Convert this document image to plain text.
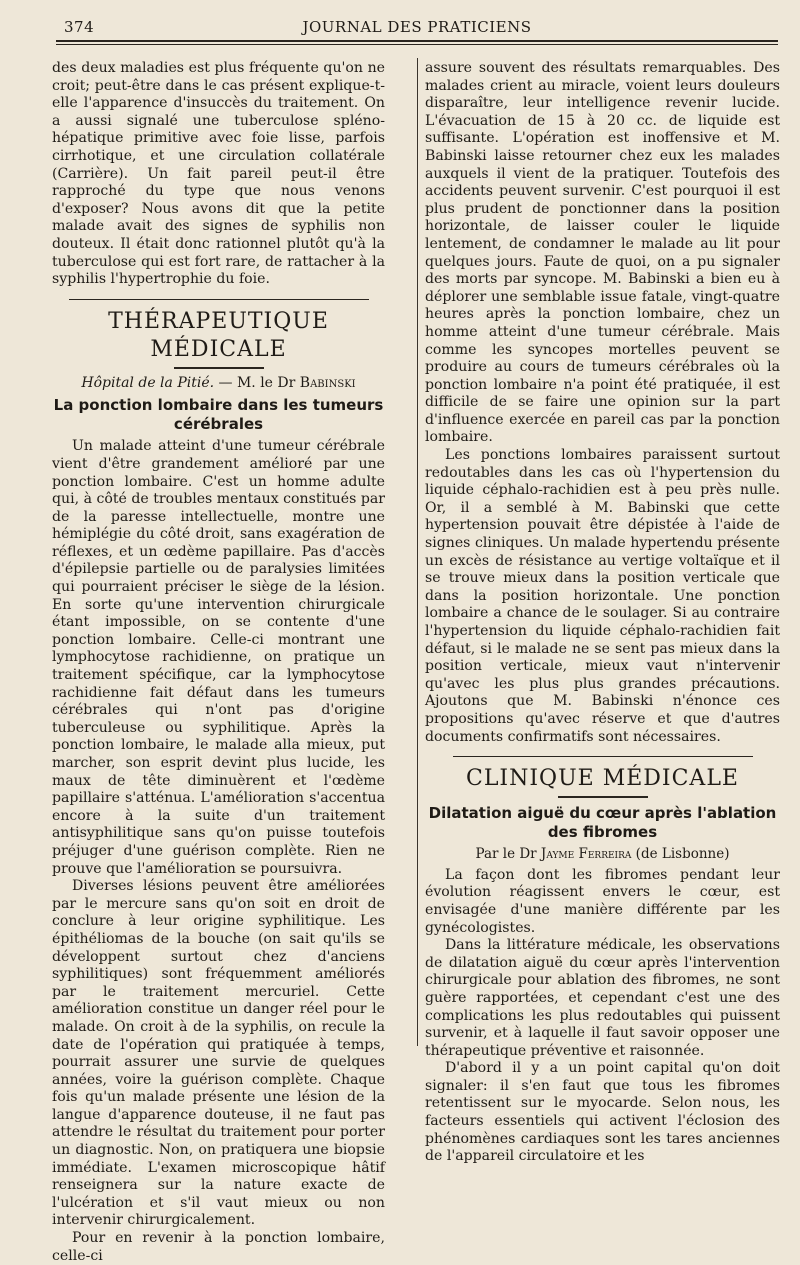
374	JOURNAL DES PRATICIENS

des deux maladies est plus fréquente qu'on ne croit; peut-être dans le cas présent explique-t-elle l'apparence d'insuccès du traitement. On a aussi signalé une tuberculose spléno-hépatique primitive avec foie lisse, parfois cirrhotique, et une circulation collatérale (Carrière). Un fait pareil peut-il être rapproché du type que nous venons d'exposer? Nous avons dit que la petite malade avait des signes de syphilis non douteux. Il était donc rationnel plutôt qu'à la tuberculose qui est fort rare, de rattacher à la syphilis l'hypertrophie du foie.

THÉRAPEUTIQUE MÉDICALE
Hôpital de la Pitié. — M. le Dr Babinski
La ponction lombaire dans les tumeurs cérébrales

Un malade atteint d'une tumeur cérébrale vient d'être grandement amélioré par une ponction lombaire. C'est un homme adulte qui, à côté de troubles mentaux constitués par de la paresse intellectuelle, montre une hémiplégie du côté droit, sans exagération de réflexes, et un œdème papillaire. Pas d'accès d'épilepsie partielle ou de paralysies limitées qui pourraient préciser le siège de la lésion. En sorte qu'une intervention chirurgicale étant impossible, on se contente d'une ponction lombaire. Celle-ci montrant une lymphocytose rachidienne, on pratique un traitement spécifique, car la lymphocytose rachidienne fait défaut dans les tumeurs cérébrales qui n'ont pas d'origine tuberculeuse ou syphilitique. Après la ponction lombaire, le malade alla mieux, put marcher, son esprit devint plus lucide, les maux de tête diminuèrent et l'œdème papillaire s'atténua. L'amélioration s'accentua encore à la suite d'un traitement antisyphilitique sans qu'on puisse toutefois préjuger d'une guérison complète. Rien ne prouve que l'amélioration se poursuivra.

Diverses lésions peuvent être améliorées par le mercure sans qu'on soit en droit de conclure à leur origine syphilitique. Les épithéliomas de la bouche (on sait qu'ils se développent surtout chez d'anciens syphilitiques) sont fréquemment améliorés par le traitement mercuriel. Cette amélioration constitue un danger réel pour le malade. On croit à de la syphilis, on recule la date de l'opération qui pratiquée à temps, pourrait assurer une survie de quelques années, voire la guérison complète. Chaque fois qu'un malade présente une lésion de la langue d'apparence douteuse, il ne faut pas attendre le résultat du traitement pour porter un diagnostic. Non, on pratiquera une biopsie immédiate. L'examen microscopique hâtif renseignera sur la nature exacte de l'ulcération et s'il vaut mieux ou non intervenir chirurgicalement.

Pour en revenir à la ponction lombaire, celle-ci

assure souvent des résultats remarquables. Des malades crient au miracle, voient leurs douleurs disparaître, leur intelligence revenir lucide. L'évacuation de 15 à 20 cc. de liquide est suffisante. L'opération est inoffensive et M. Babinski laisse retourner chez eux les malades auxquels il vient de la pratiquer. Toutefois des accidents peuvent survenir. C'est pourquoi il est plus prudent de ponctionner dans la position horizontale, de laisser couler le liquide lentement, de condamner le malade au lit pour quelques jours. Faute de quoi, on a pu signaler des morts par syncope. M. Babinski a bien eu à déplorer une semblable issue fatale, vingt-quatre heures après la ponction lombaire, chez un homme atteint d'une tumeur cérébrale. Mais comme les syncopes mortelles peuvent se produire au cours de tumeurs cérébrales où la ponction lombaire n'a point été pratiquée, il est difficile de se faire une opinion sur la part d'influence exercée en pareil cas par la ponction lombaire.

Les ponctions lombaires paraissent surtout redoutables dans les cas où l'hypertension du liquide céphalo-rachidien est à peu près nulle. Or, il a semblé à M. Babinski que cette hypertension pouvait être dépistée à l'aide de signes cliniques. Un malade hypertendu présente un excès de résistance au vertige voltaïque et il se trouve mieux dans la position verticale que dans la position horizontale. Une ponction lombaire a chance de le soulager. Si au contraire l'hypertension du liquide céphalo-rachidien fait défaut, si le malade ne se sent pas mieux dans la position verticale, mieux vaut n'intervenir qu'avec les plus plus grandes précautions. Ajoutons que M. Babinski n'énonce ces propositions qu'avec réserve et que d'autres documents confirmatifs sont nécessaires.

CLINIQUE MÉDICALE
Dilatation aiguë du cœur après l'ablation des fibromes
Par le Dr Jayme Ferreira (de Lisbonne)

La façon dont les fibromes pendant leur évolution réagissent envers le cœur, est envisagée d'une manière différente par les gynécologistes.

Dans la littérature médicale, les observations de dilatation aiguë du cœur après l'intervention chirurgicale pour ablation des fibromes, ne sont guère rapportées, et cependant c'est une des complications les plus redoutables qui puissent survenir, et à laquelle il faut savoir opposer une thérapeutique préventive et raisonnée.

D'abord il y a un point capital qu'on doit signaler: il s'en faut que tous les fibromes retentissent sur le myocarde. Selon nous, les facteurs essentiels qui activent l'éclosion des phénomènes cardiaques sont les tares anciennes de l'appareil circulatoire et les
